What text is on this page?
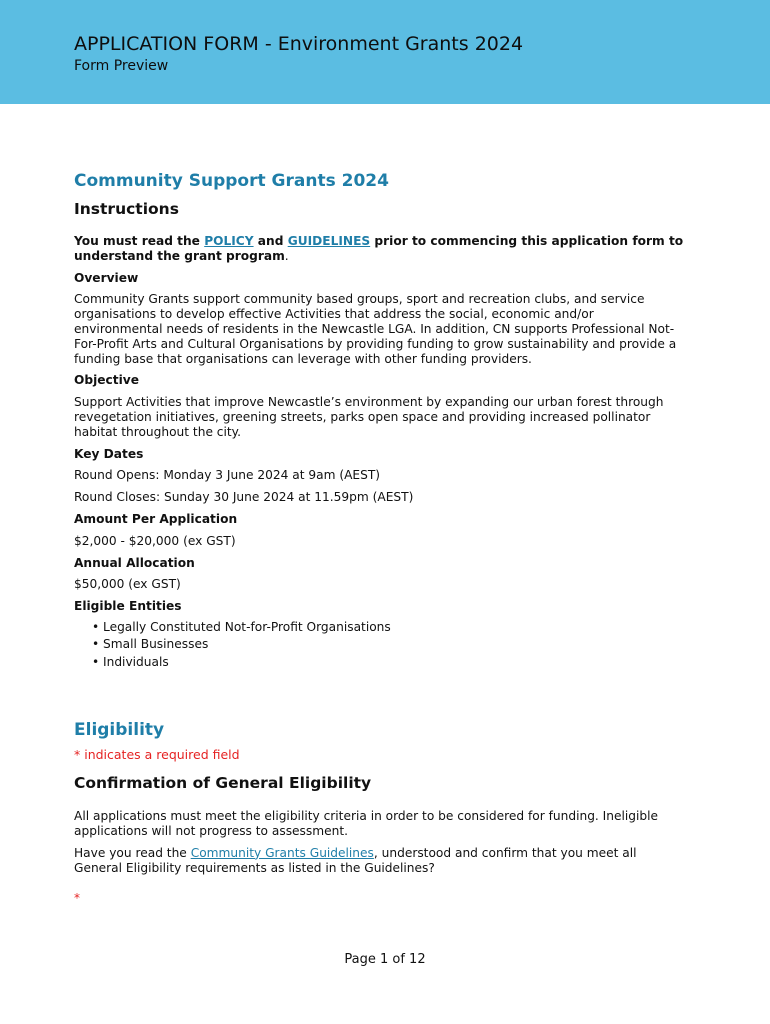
APPLICATION FORM - Environment Grants 2024
Form Preview
Community Support Grants 2024
Instructions

You must read the POLICY and GUIDELINES prior to commencing this application form to understand the grant program.

Overview

Community Grants support community based groups, sport and recreation clubs, and service organisations to develop effective Activities that address the social, economic and/or environmental needs of residents in the Newcastle LGA. In addition, CN supports Professional Not-For-Profit Arts and Cultural Organisations by providing funding to grow sustainability and provide a funding base that organisations can leverage with other funding providers.

Objective

Support Activities that improve Newcastle’s environment by expanding our urban forest through revegetation initiatives, greening streets, parks open space and providing increased pollinator habitat throughout the city.

Key Dates

Round Opens: Monday 3 June 2024 at 9am (AEST)

Round Closes: Sunday 30 June 2024 at 11.59pm (AEST)

Amount Per Application

$2,000 - $20,000 (ex GST)

Annual Allocation

$50,000 (ex GST)

Eligible Entities

• Legally Constituted Not-for-Profit Organisations
• Small Businesses
• Individuals
Eligibility

* indicates a required field

Confirmation of General Eligibility

All applications must meet the eligibility criteria in order to be considered for funding. Ineligible applications will not progress to assessment.

Have you read the Community Grants Guidelines, understood and confirm that you meet all General Eligibility requirements as listed in the Guidelines?

*

Page 1 of 12
